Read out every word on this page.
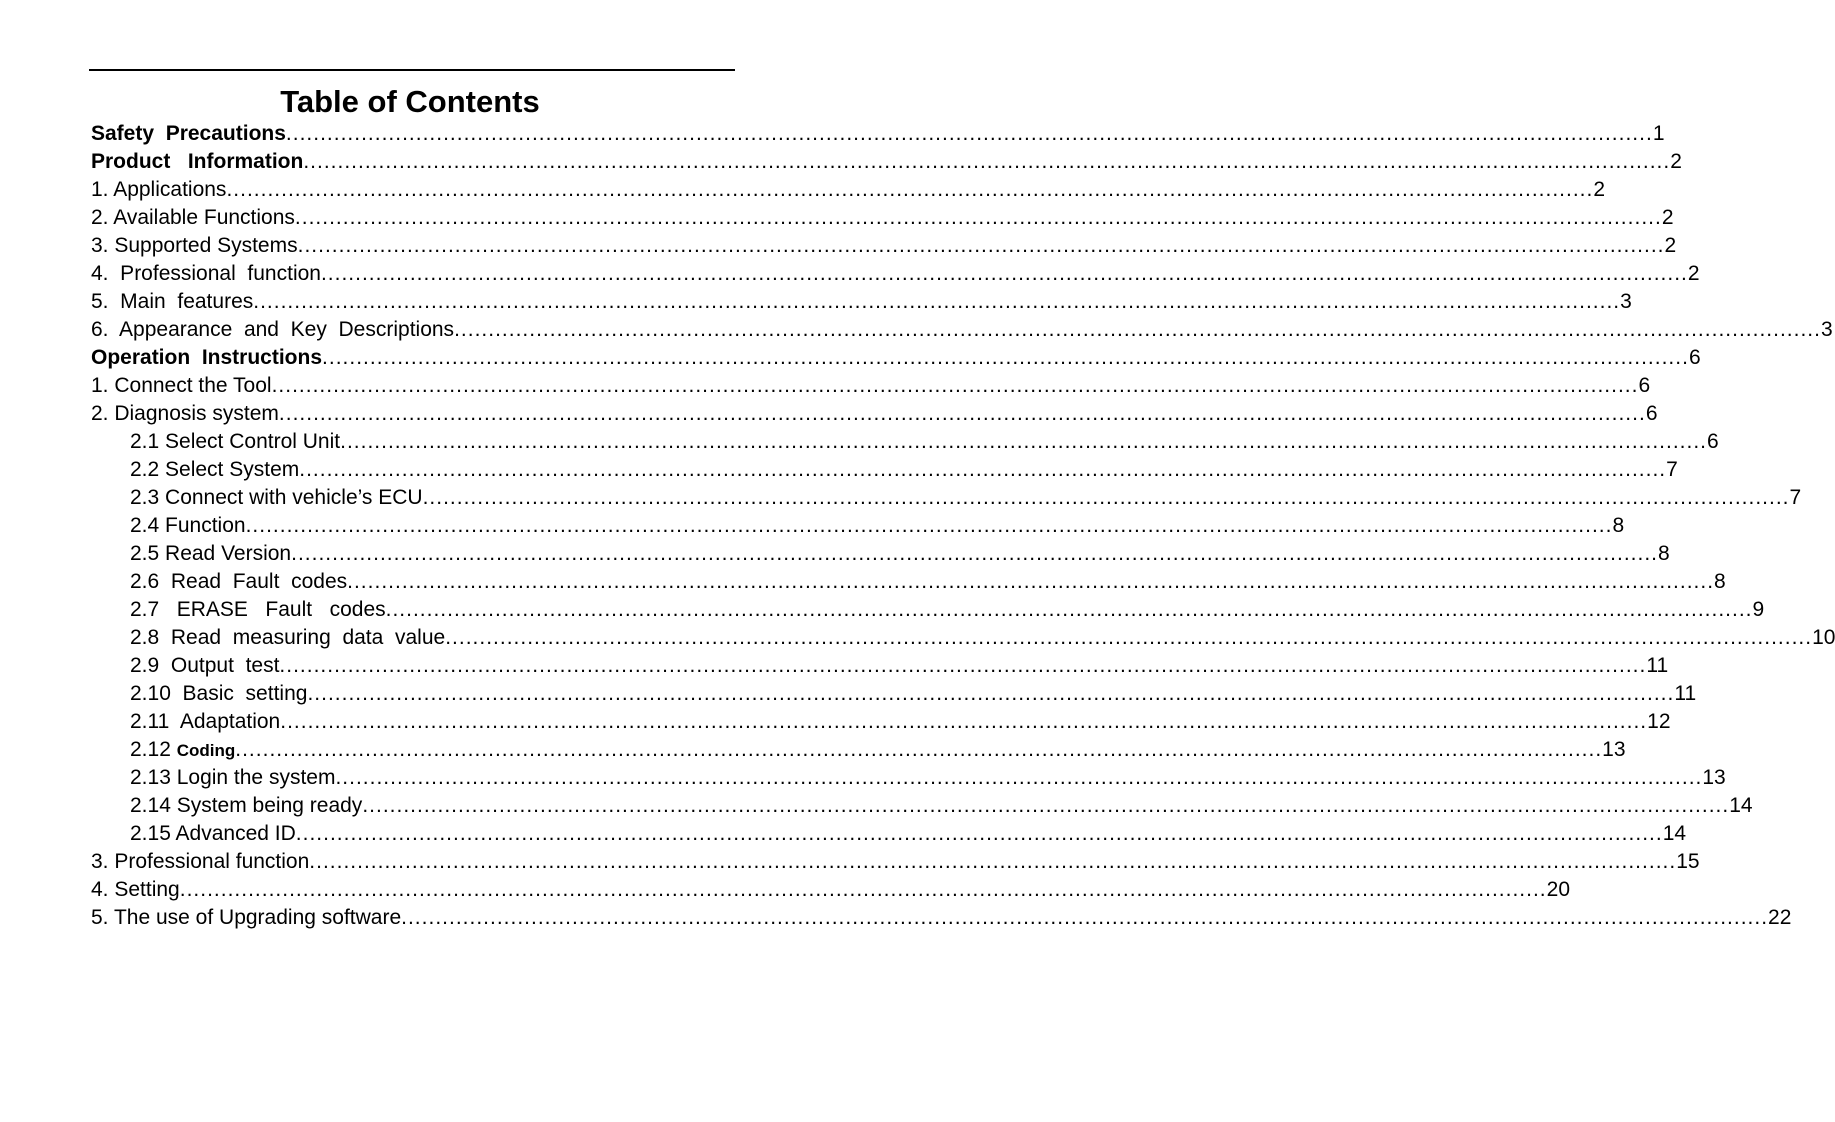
Table of Contents
Safety  Precautions ........................................................................................................................................................................................................ 1
Product   Information ........................................................................................................................................................................................................ 2
1. Applications ........................................................................................................................................................................................................ 2
2. Available Functions ........................................................................................................................................................................................................ 2
3. Supported Systems ........................................................................................................................................................................................................ 2
4.  Professional  function ........................................................................................................................................................................................................ 2
5.  Main  features ........................................................................................................................................................................................................ 3
6.  Appearance  and  Key  Descriptions ........................................................................................................................................................................................................ 3
Operation  Instructions ........................................................................................................................................................................................................ 6
1. Connect the Tool ........................................................................................................................................................................................................ 6
2. Diagnosis system ........................................................................................................................................................................................................ 6
2.1 Select Control Unit ........................................................................................................................................................................................................ 6
2.2 Select System ........................................................................................................................................................................................................ 7
2.3 Connect with vehicle’s ECU ........................................................................................................................................................................................................ 7
2.4 Function ........................................................................................................................................................................................................ 8
2.5 Read Version ........................................................................................................................................................................................................ 8
2.6  Read  Fault  codes ........................................................................................................................................................................................................ 8
2.7   ERASE   Fault   codes ........................................................................................................................................................................................................ 9
2.8  Read  measuring  data  value ........................................................................................................................................................................................................ 10
2.9  Output  test ........................................................................................................................................................................................................ 11
2.10  Basic  setting ........................................................................................................................................................................................................ 11
2.11  Adaptation ........................................................................................................................................................................................................ 12
2.12 Coding ........................................................................................................................................................................................................ 13
2.13 Login the system ........................................................................................................................................................................................................ 13
2.14 System being ready ........................................................................................................................................................................................................ 14
2.15 Advanced ID ........................................................................................................................................................................................................ 14
3. Professional function ........................................................................................................................................................................................................ 15
4. Setting ........................................................................................................................................................................................................ 20
5. The use of Upgrading software ........................................................................................................................................................................................................ 22
